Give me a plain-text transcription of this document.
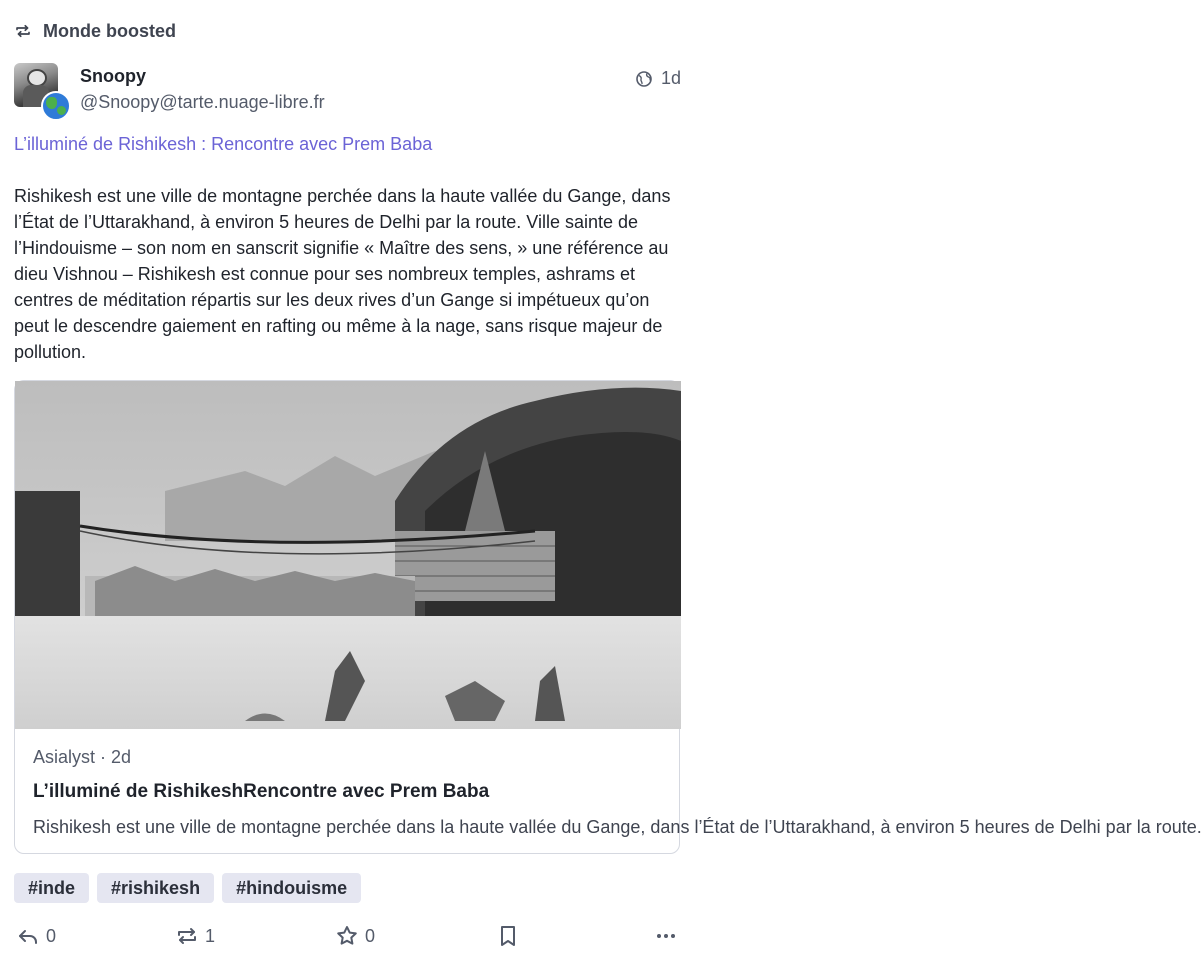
Monde boosted
Snoopy
@Snoopy@tarte.nuage-libre.fr
1d
L’illuminé de Rishikesh : Rencontre avec Prem Baba
Rishikesh est une ville de montagne perchée dans la haute vallée du Gange, dans l’État de l’Uttarakhand, à environ 5 heures de Delhi par la route. Ville sainte de l’Hindouisme – son nom en sanscrit signifie « Maître des sens, » une référence au dieu Vishnou – Rishikesh est connue pour ses nombreux temples, ashrams et centres de méditation répartis sur les deux rives d’un Gange si impétueux qu’on peut le descendre gaiement en rafting ou même à la nage, sans risque majeur de pollution.
Asialyst · 2d
L’illuminé de RishikeshRencontre avec Prem Baba
Rishikesh est une ville de montagne perchée dans la haute vallée du Gange, dans l’État de l’Uttarakhand, à environ 5 heures de Delhi par la route.
#inde	#rishikesh	#hindouisme
0	1	0
